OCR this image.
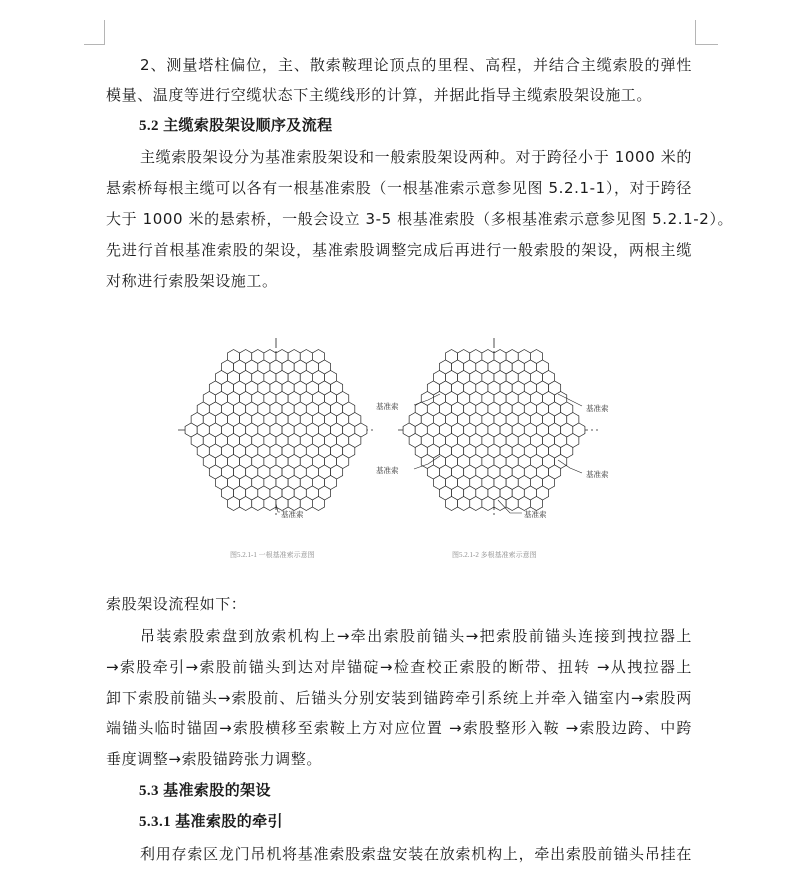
2、测量塔柱偏位，主、散索鞍理论顶点的里程、高程，并结合主缆索股的弹性
模量、温度等进行空缆状态下主缆线形的计算，并据此指导主缆索股架设施工。
5.2 主缆索股架设顺序及流程
主缆索股架设分为基准索股架设和一般索股架设两种。对于跨径小于 1000 米的
悬索桥每根主缆可以各有一根基准索股（一根基准索示意参见图 5.2.1-1），对于跨径
大于 1000 米的悬索桥，一般会设立 3-5 根基准索股（多根基准索示意参见图 5.2.1-2）。
先进行首根基准索股的架设，基准索股调整完成后再进行一般索股的架设，两根主缆
对称进行索股架设施工。
基准索
基准索	基准索
基准索	基准索
基准索
图5.2.1-1 一根基准索示意图	图5.2.1-2 多根基准索示意图
索股架设流程如下：
吊装索股索盘到放索机构上→牵出索股前锚头→把索股前锚头连接到拽拉器上
→索股牵引→索股前锚头到达对岸锚碇→检查校正索股的断带、扭转 →从拽拉器上
卸下索股前锚头→索股前、后锚头分别安装到锚跨牵引系统上并牵入锚室内→索股两
端锚头临时锚固→索股横移至索鞍上方对应位置 →索股整形入鞍 →索股边跨、中跨
垂度调整→索股锚跨张力调整。
5.3 基准索股的架设
5.3.1 基准索股的牵引
利用存索区龙门吊机将基准索股索盘安装在放索机构上，牵出索股前锚头吊挂在
